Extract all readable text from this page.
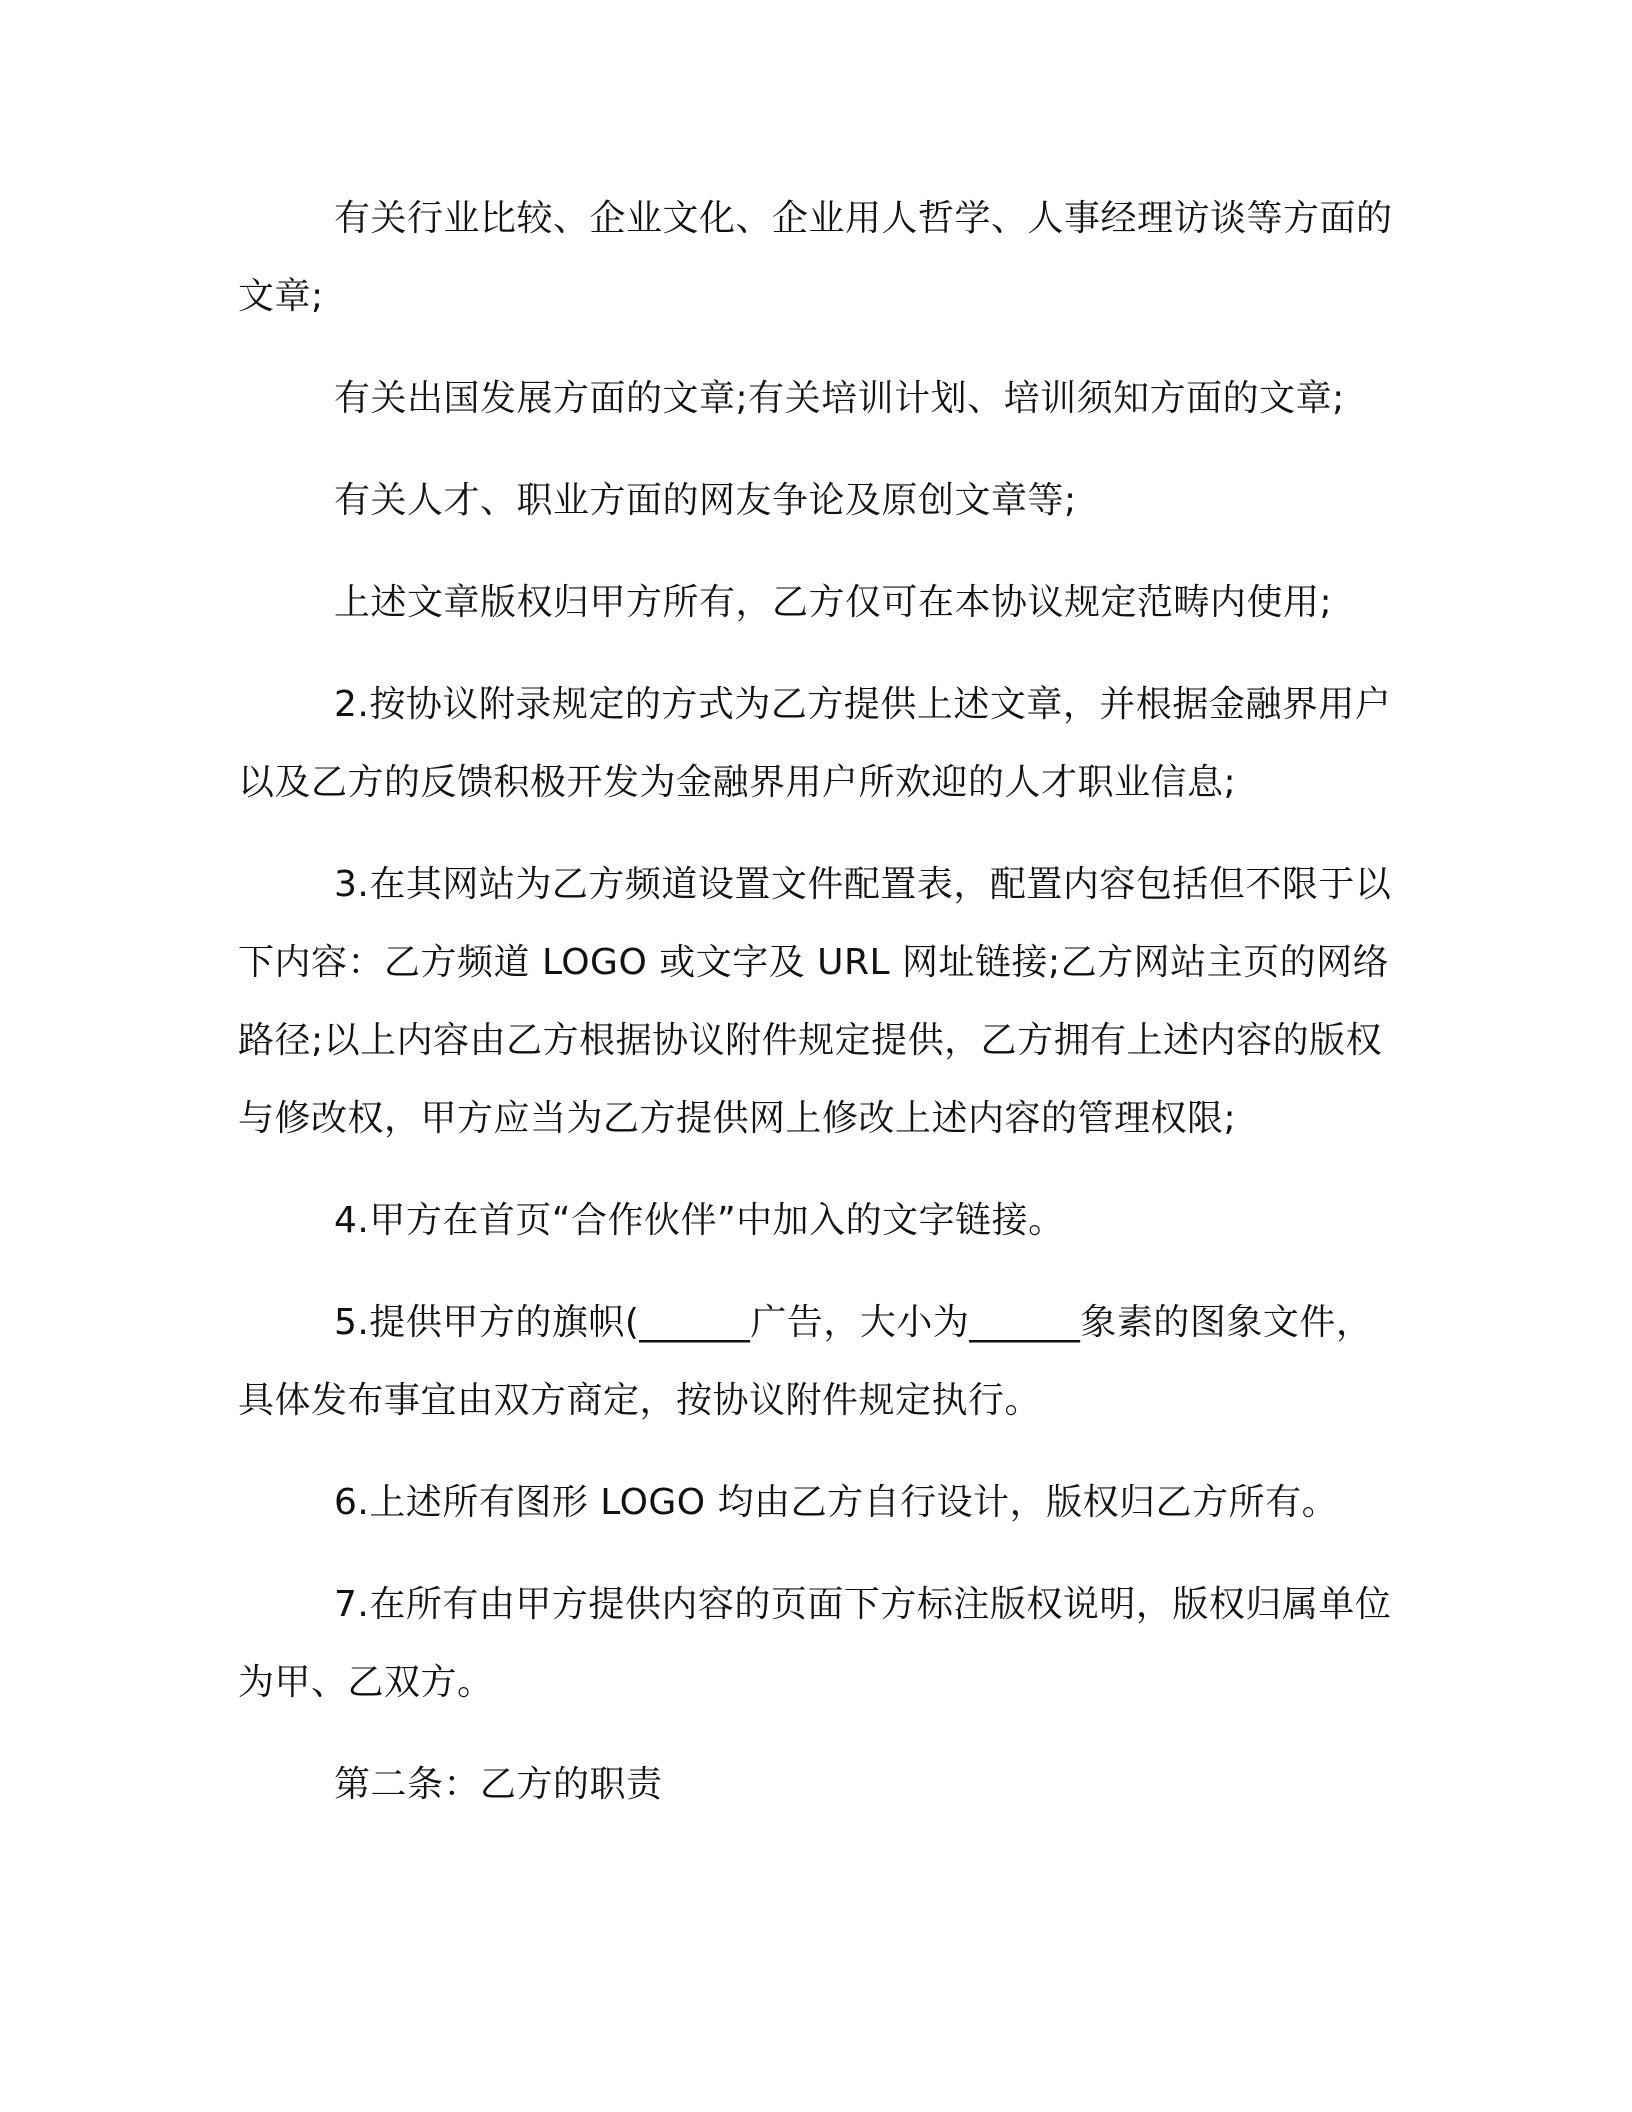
有关行业比较、企业文化、企业用人哲学、人事经理访谈等方面的文章;

有关出国发展方面的文章;有关培训计划、培训须知方面的文章;

有关人才、职业方面的网友争论及原创文章等;

上述文章版权归甲方所有，乙方仅可在本协议规定范畴内使用;

2.按协议附录规定的方式为乙方提供上述文章，并根据金融界用户以及乙方的反馈积极开发为金融界用户所欢迎的人才职业信息;

3.在其网站为乙方频道设置文件配置表，配置内容包括但不限于以下内容：乙方频道 LOGO 或文字及 URL 网址链接;乙方网站主页的网络路径;以上内容由乙方根据协议附件规定提供，乙方拥有上述内容的版权与修改权，甲方应当为乙方提供网上修改上述内容的管理权限;

4.甲方在首页“合作伙伴”中加入的文字链接。

5.提供甲方的旗帜(______广告，大小为______象素的图象文件，具体发布事宜由双方商定，按协议附件规定执行。

6.上述所有图形 LOGO 均由乙方自行设计，版权归乙方所有。

7.在所有由甲方提供内容的页面下方标注版权说明，版权归属单位为甲、乙双方。

第二条：乙方的职责
